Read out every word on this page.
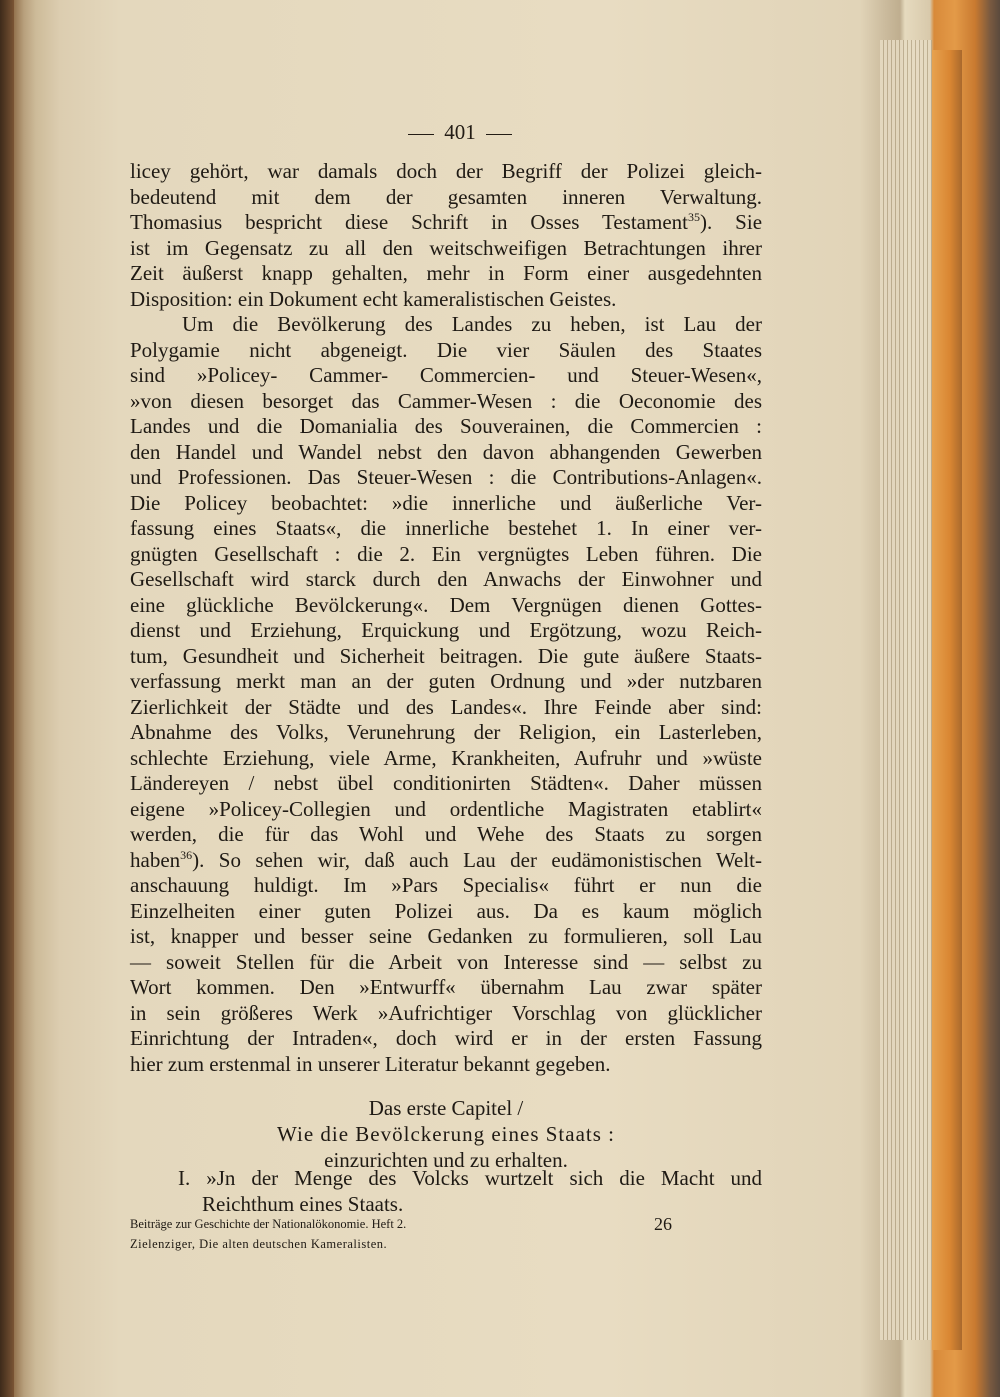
401
licey gehört, war damals doch der Begriff der Polizei gleich-
bedeutend mit dem der gesamten inneren Verwaltung.
Thomasius bespricht diese Schrift in Osses Testament$^{35}$). Sie
ist im Gegensatz zu all den weitschweifigen Betrachtungen ihrer
Zeit äußerst knapp gehalten, mehr in Form einer ausgedehnten
Disposition: ein Dokument echt kameralistischen Geistes.
Um die Bevölkerung des Landes zu heben, ist Lau der
Polygamie nicht abgeneigt. Die vier Säulen des Staates
sind »Policey- Cammer- Commercien- und Steuer-Wesen«,
»von diesen besorget das Cammer-Wesen : die Oeconomie des
Landes und die Domanialia des Souverainen, die Commercien :
den Handel und Wandel nebst den davon abhangenden Gewerben
und Professionen. Das Steuer-Wesen : die Contributions-Anlagen«.
Die Policey beobachtet: »die innerliche und äußerliche Ver-
fassung eines Staats«, die innerliche bestehet 1. In einer ver-
gnügten Gesellschaft : die 2. Ein vergnügtes Leben führen. Die
Gesellschaft wird starck durch den Anwachs der Einwohner und
eine glückliche Bevölckerung«. Dem Vergnügen dienen Gottes-
dienst und Erziehung, Erquickung und Ergötzung, wozu Reich-
tum, Gesundheit und Sicherheit beitragen. Die gute äußere Staats-
verfassung merkt man an der guten Ordnung und »der nutzbaren
Zierlichkeit der Städte und des Landes«. Ihre Feinde aber sind:
Abnahme des Volks, Verunehrung der Religion, ein Lasterleben,
schlechte Erziehung, viele Arme, Krankheiten, Aufruhr und »wüste
Ländereyen / nebst übel conditionirten Städten«. Daher müssen
eigene »Policey-Collegien und ordentliche Magistraten etablirt«
werden, die für das Wohl und Wehe des Staats zu sorgen
haben$^{36}$). So sehen wir, daß auch Lau der eudämonistischen Welt-
anschauung huldigt. Im »Pars Specialis« führt er nun die
Einzelheiten einer guten Polizei aus. Da es kaum möglich
ist, knapper und besser seine Gedanken zu formulieren, soll Lau
— soweit Stellen für die Arbeit von Interesse sind — selbst zu
Wort kommen. Den »Entwurff« übernahm Lau zwar später
in sein größeres Werk »Aufrichtiger Vorschlag von glücklicher
Einrichtung der Intraden«, doch wird er in der ersten Fassung
hier zum erstenmal in unserer Literatur bekannt gegeben.
Das erste Capitel /
Wie die Bevölckerung eines Staats :
einzurichten und zu erhalten.
I. »Jn der Menge des Volcks wurtzelt sich die Macht und
Reichthum eines Staats.
Beiträge zur Geschichte der Nationalökonomie. Heft 2.
Zielenziger, Die alten deutschen Kameralisten.
26
